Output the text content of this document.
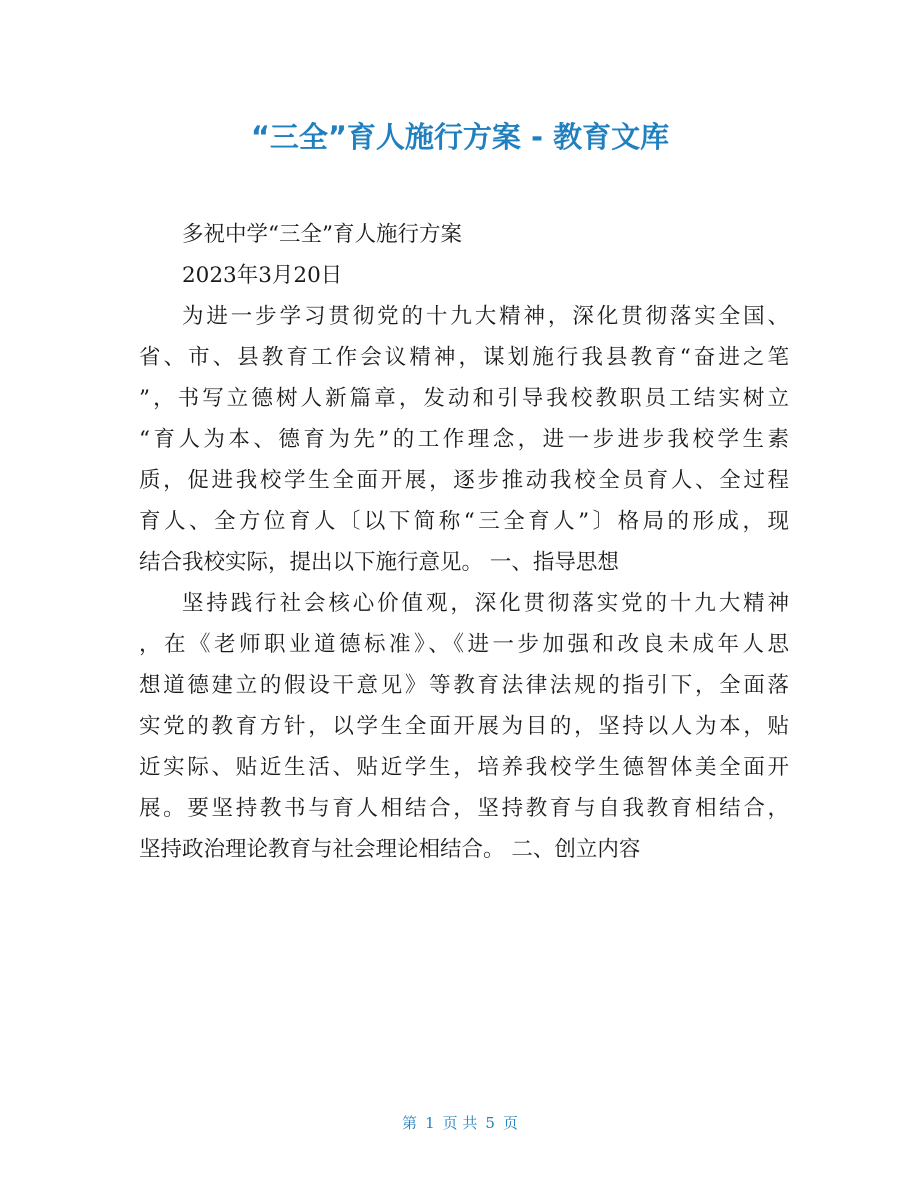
“三全”育人施行方案 - 教育文库
多祝中学“三全”育人施行方案
2023年3月20日
为进一步学习贯彻党的十九大精神，深化贯彻落实全国、
省、市、县教育工作会议精神，谋划施行我县教育“奋进之笔
”，书写立德树人新篇章，发动和引导我校教职员工结实树立
“育人为本、德育为先”的工作理念，进一步进步我校学生素
质，促进我校学生全面开展，逐步推动我校全员育人、全过程
育人、全方位育人〔以下简称“三全育人”〕格局的形成，现
结合我校实际，提出以下施行意见。 一、指导思想
坚持践行社会核心价值观，深化贯彻落实党的十九大精神
，在《老师职业道德标准》、《进一步加强和改良未成年人思
想道德建立的假设干意见》等教育法律法规的指引下，全面落
实党的教育方针，以学生全面开展为目的，坚持以人为本，贴
近实际、贴近生活、贴近学生，培养我校学生德智体美全面开
展。要坚持教书与育人相结合，坚持教育与自我教育相结合，
坚持政治理论教育与社会理论相结合。 二、创立内容
第 1 页 共 5 页
